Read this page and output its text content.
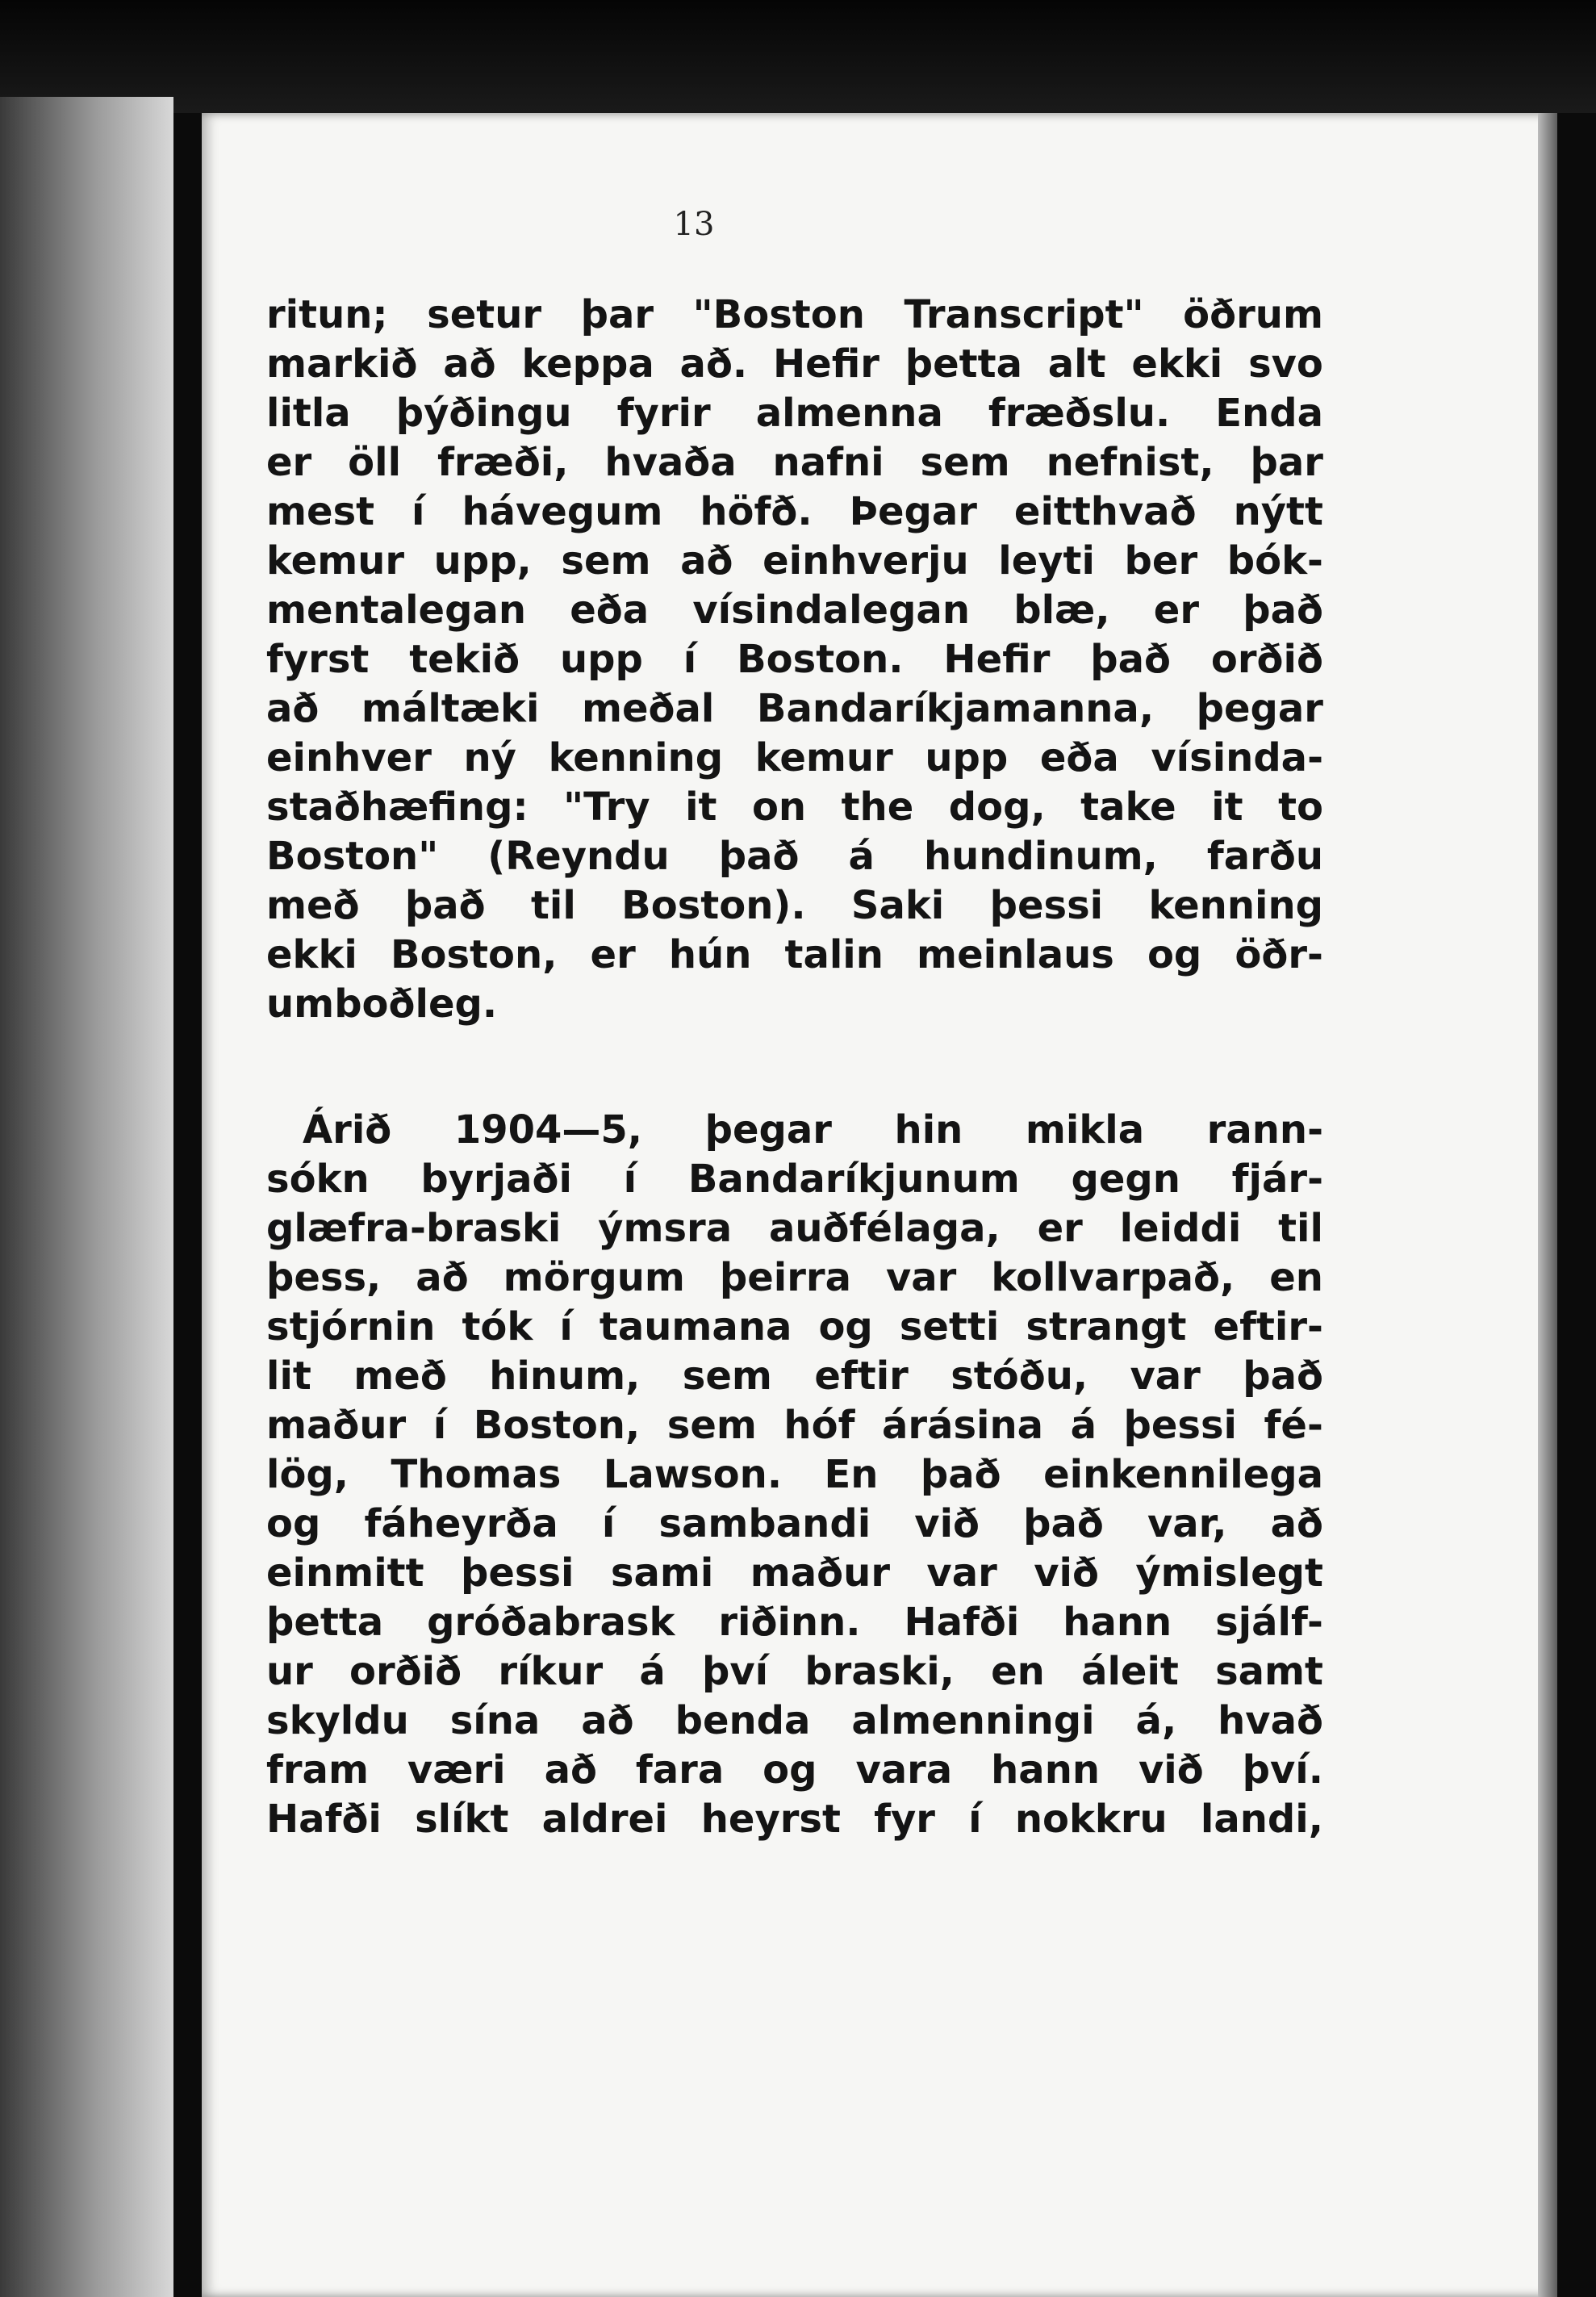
13
ritun; setur þar "Boston Transcript" öðrum
markið að keppa að. Hefir þetta alt ekki svo
litla þýðingu fyrir almenna fræðslu. Enda
er öll fræði, hvaða nafni sem nefnist, þar
mest í hávegum höfð. Þegar eitthvað nýtt
kemur upp, sem að einhverju leyti ber bók-
mentalegan eða vísindalegan blæ, er það
fyrst tekið upp í Boston. Hefir það orðið
að máltæki meðal Bandaríkjamanna, þegar
einhver ný kenning kemur upp eða vísinda-
staðhæfing: "Try it on the dog, take it to
Boston" (Reyndu það á hundinum, farðu
með það til Boston). Saki þessi kenning
ekki Boston, er hún talin meinlaus og öðr-
um boðleg.
Árið 1904—5, þegar hin mikla rann-
sókn byrjaði í Bandaríkjunum gegn fjár-
glæfra-braski ýmsra auðfélaga, er leiddi til
þess, að mörgum þeirra var kollvarpað, en
stjórnin tók í taumana og setti strangt eftir-
lit með hinum, sem eftir stóðu, var það
maður í Boston, sem hóf árásina á þessi fé-
lög, Thomas Lawson. En það einkennilega
og fáheyrða í sambandi við það var, að
einmitt þessi sami maður var við ýmislegt
þetta gróðabrask riðinn. Hafði hann sjálf-
ur orðið ríkur á því braski, en áleit samt
skyldu sína að benda almenningi á, hvað
fram væri að fara og vara hann við því.
Hafði slíkt aldrei heyrst fyr í nokkru landi,
